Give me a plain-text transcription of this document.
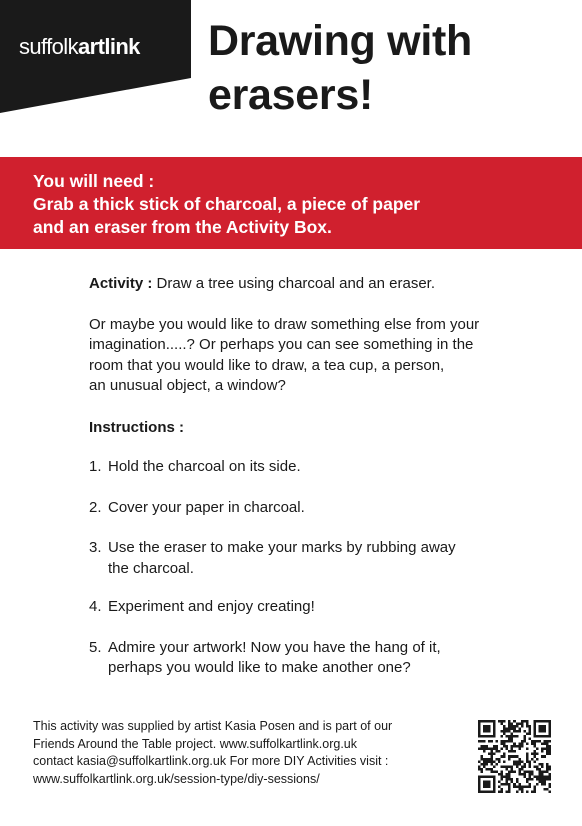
suffolkartlink Drawing with
erasers!
You will need :
Grab a thick stick of charcoal, a piece of paper
and an eraser from the Activity Box.

Activity : Draw a tree using charcoal and an eraser.

Or maybe you would like to draw something else from your
imagination.....? Or perhaps you can see something in the
room that you would like to draw, a tea cup, a person,
an unusual object, a window?

Instructions :

1. Hold the charcoal on its side.
2. Cover your paper in charcoal.
3. Use the eraser to make your marks by rubbing away
the charcoal.
4. Experiment and enjoy creating!
5. Admire your artwork! Now you have the hang of it,
perhaps you would like to make another one?
This activity was supplied by artist Kasia Posen and is part of our
Friends Around the Table project. www.suffolkartlink.org.uk
contact kasia@suffolkartlink.org.uk For more DIY Activities visit :
www.suffolkartlink.org.uk/session-type/diy-sessions/
